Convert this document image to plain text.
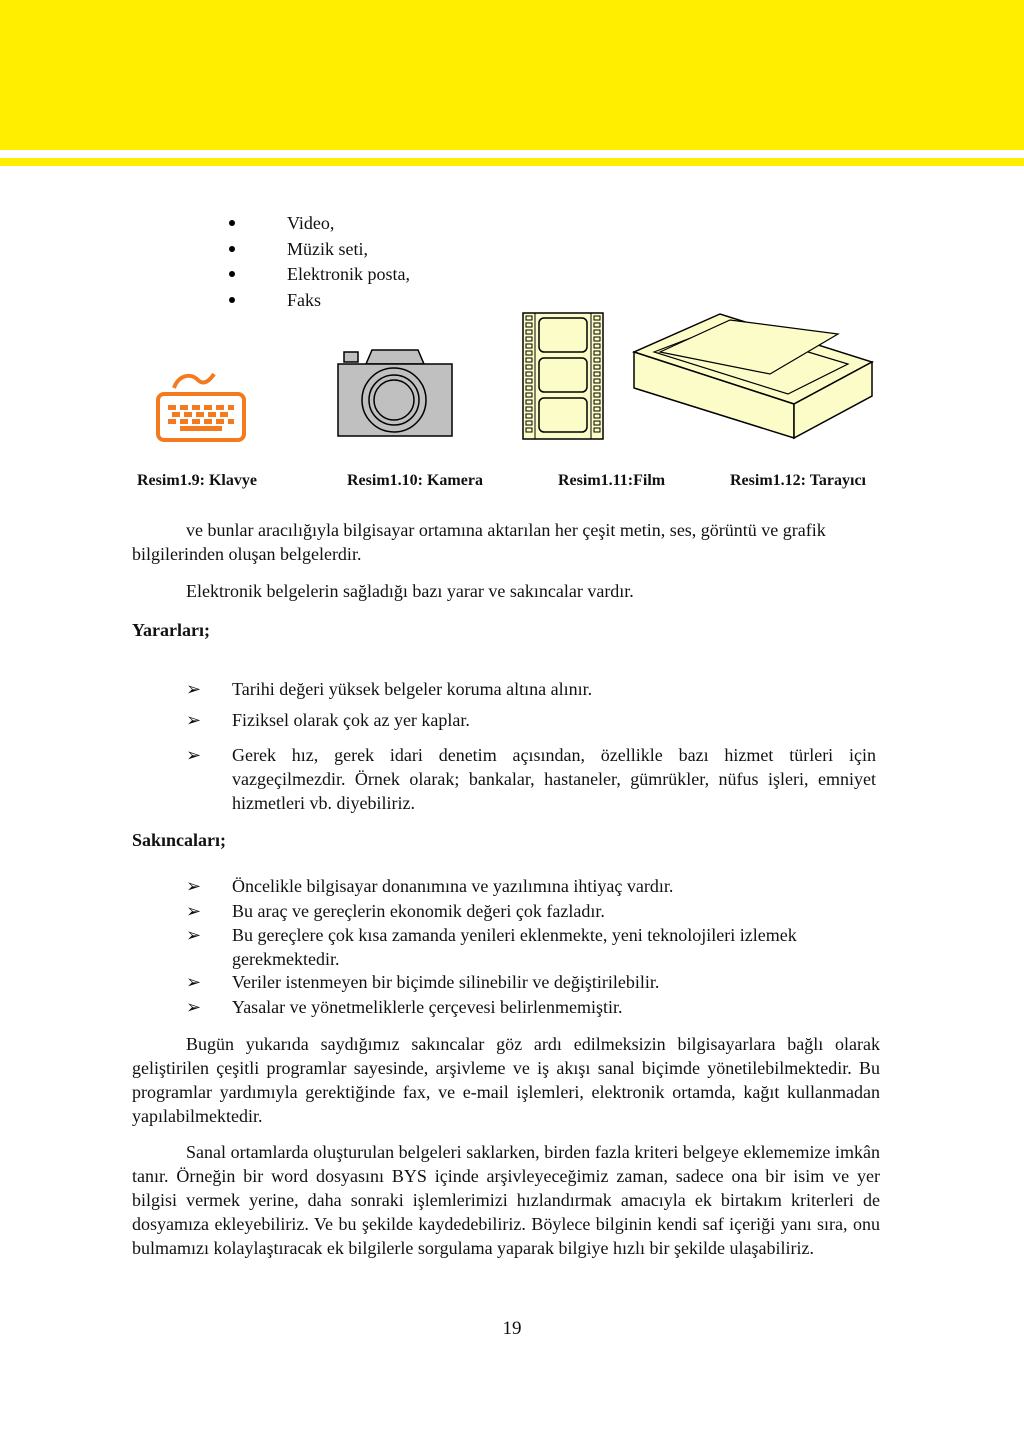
Video,
Müzik seti,
Elektronik posta,
Faks
Resim1.9: Klavye	Resim1.10: Kamera	Resim1.11:Film	Resim1.12: Tarayıcı

ve bunlar aracılığıyla bilgisayar ortamına aktarılan her çeşit metin, ses, görüntü ve grafik bilgilerinden oluşan belgelerdir.

Elektronik belgelerin sağladığı bazı yarar ve sakıncalar vardır.

Yararları;

➢ Tarihi değeri yüksek belgeler koruma altına alınır.
➢ Fiziksel olarak çok az yer kaplar.
➢ Gerek hız, gerek idari denetim açısından, özellikle bazı hizmet türleri için vazgeçilmezdir. Örnek olarak; bankalar, hastaneler, gümrükler, nüfus işleri, emniyet hizmetleri vb. diyebiliriz.

Sakıncaları;

➢ Öncelikle bilgisayar donanımına ve yazılımına ihtiyaç vardır.
➢ Bu araç ve gereçlerin ekonomik değeri çok fazladır.
➢ Bu gereçlere çok kısa zamanda yenileri eklenmekte, yeni teknolojileri izlemek gerekmektedir.
➢ Veriler istenmeyen bir biçimde silinebilir ve değiştirilebilir.
➢ Yasalar ve yönetmeliklerle çerçevesi belirlenmemiştir.

Bugün yukarıda saydığımız sakıncalar göz ardı edilmeksizin bilgisayarlara bağlı olarak geliştirilen çeşitli programlar sayesinde, arşivleme ve iş akışı sanal biçimde yönetilebilmektedir. Bu programlar yardımıyla gerektiğinde fax, ve e-mail işlemleri, elektronik ortamda, kağıt kullanmadan yapılabilmektedir.

Sanal ortamlarda oluşturulan belgeleri saklarken, birden fazla kriteri belgeye eklememize imkân tanır. Örneğin bir word dosyasını BYS içinde arşivleyeceğimiz zaman, sadece ona bir isim ve yer bilgisi vermek yerine, daha sonraki işlemlerimizi hızlandırmak amacıyla ek birtakım kriterleri de dosyamıza ekleyebiliriz. Ve bu şekilde kaydedebiliriz. Böylece bilginin kendi saf içeriği yanı sıra, onu bulmamızı kolaylaştıracak ek bilgilerle sorgulama yaparak bilgiye hızlı bir şekilde ulaşabiliriz.

19
